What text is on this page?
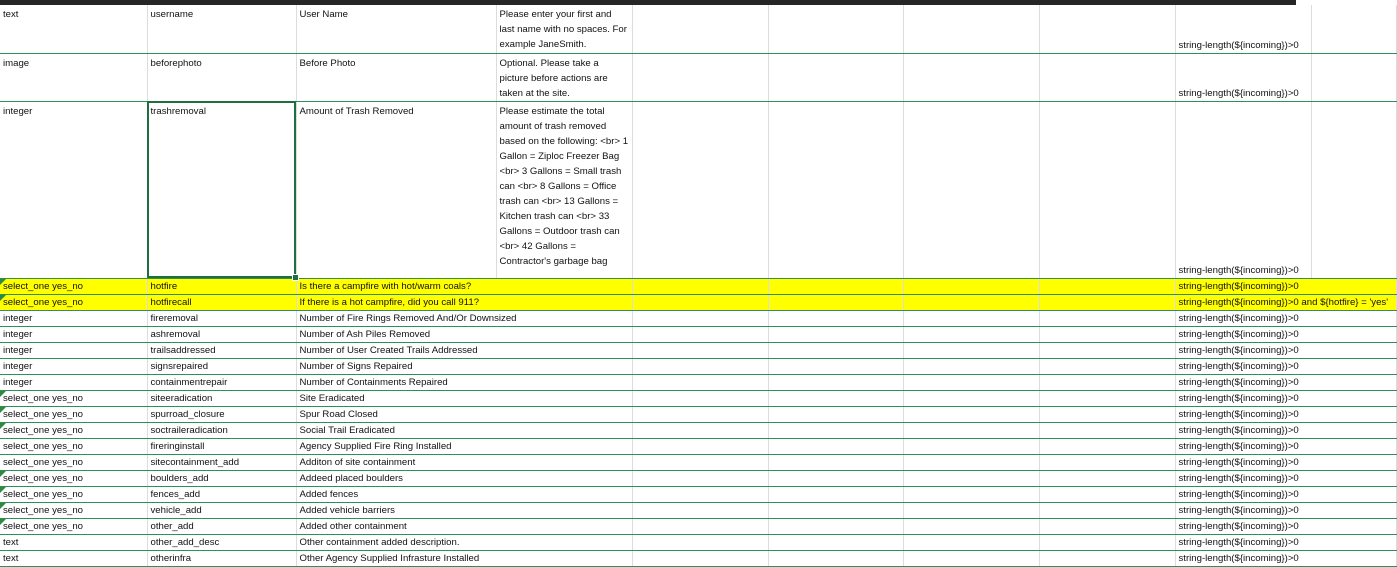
text	username	User Name	Please enter your first and last name with no spaces. For example JaneSmith.					string-length(${incoming})>0	
image	beforephoto	Before Photo	Optional. Please take a picture before actions are taken at the site.					string-length(${incoming})>0	
integer	trashremoval	Amount of Trash Removed	Please estimate the total amount of trash removed based on the following: <br> 1 Gallon = Ziploc Freezer Bag <br> 3 Gallons = Small trash can <br> 8 Gallons = Office trash can <br> 13 Gallons = Kitchen trash can <br> 33 Gallons = Outdoor trash can <br> 42 Gallons = Contractor's garbage bag					string-length(${incoming})>0	
select_one yes_no	hotfire	Is there a campfire with hot/warm coals?						string-length(${incoming})>0	
select_one yes_no	hotfirecall	If there is a hot campfire, did you call 911?						string-length(${incoming})>0 and ${hotfire} = 'yes'	
integer	fireremoval	Number of Fire Rings Removed And/Or Downsized						string-length(${incoming})>0	
integer	ashremoval	Number of Ash Piles Removed						string-length(${incoming})>0	
integer	trailsaddressed	Number of User Created Trails Addressed						string-length(${incoming})>0	
integer	signsrepaired	Number of Signs Repaired						string-length(${incoming})>0	
integer	containmentrepair	Number of Containments Repaired						string-length(${incoming})>0	
select_one yes_no	siteeradication	Site Eradicated						string-length(${incoming})>0	
select_one yes_no	spurroad_closure	Spur Road Closed						string-length(${incoming})>0	
select_one yes_no	soctraileradication	Social Trail Eradicated						string-length(${incoming})>0	
select_one yes_no	fireringinstall	Agency Supplied Fire Ring Installed						string-length(${incoming})>0	
select_one yes_no	sitecontainment_add	Additon of site containment						string-length(${incoming})>0	
select_one yes_no	boulders_add	Addeed placed boulders						string-length(${incoming})>0	
select_one yes_no	fences_add	Added fences						string-length(${incoming})>0	
select_one yes_no	vehicle_add	Added vehicle barriers						string-length(${incoming})>0	
select_one yes_no	other_add	Added other containment						string-length(${incoming})>0	
text	other_add_desc	Other containment added description.						string-length(${incoming})>0	
text	otherinfra	Other Agency Supplied Infrasture Installed						string-length(${incoming})>0	
